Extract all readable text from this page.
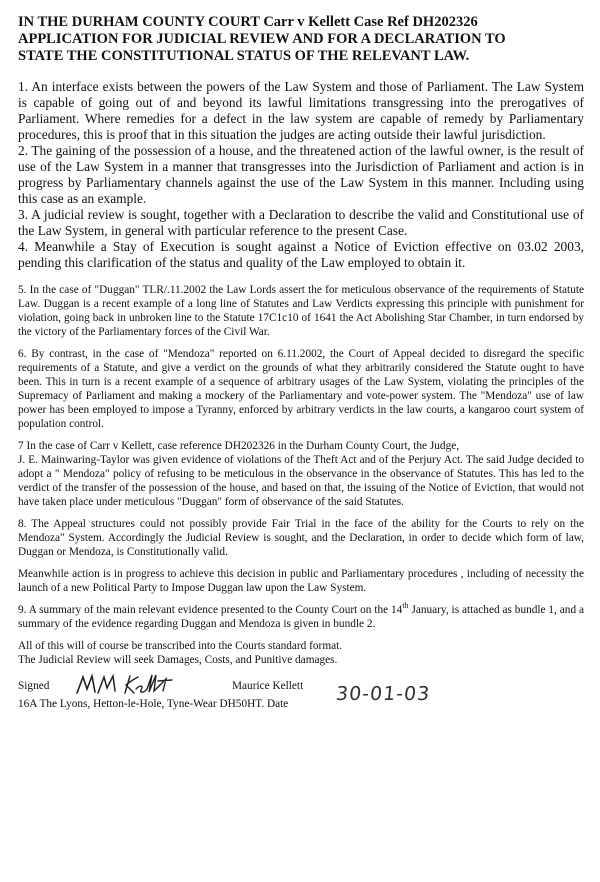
IN THE DURHAM COUNTY COURT Carr v Kellett Case Ref DH202326
APPLICATION FOR JUDICIAL REVIEW AND FOR A DECLARATION TO
STATE THE CONSTITUTIONAL STATUS OF THE RELEVANT LAW.

1. An interface exists between the powers of the Law System and those of Parliament. The Law System is capable of going out of and beyond its lawful limitations transgressing into the prerogatives of Parliament. Where remedies for a defect in the law system are capable of remedy by Parliamentary procedures, this is proof that in this situation the judges are acting outside their lawful jurisdiction.

2. The gaining of the possession of a house, and the threatened action of the lawful owner, is the result of use of the Law System in a manner that transgresses into the Jurisdiction of Parliament and action is in progress by Parliamentary channels against the use of the Law System in this manner. Including using this case as an example.

3. A judicial review is sought, together with a Declaration to describe the valid and Constitutional use of the Law System, in general with particular reference to the present Case.

4. Meanwhile a Stay of Execution is sought against a Notice of Eviction effective on 03.02 2003, pending this clarification of the status and quality of the Law employed to obtain it.

5. In the case of "Duggan" TLR/.11.2002 the Law Lords assert the for meticulous observance of the requirements of Statute Law. Duggan is a recent example of a long line of Statutes and Law Verdicts expressing this principle with punishment for violation, going back in unbroken line to the Statute 17C1c10 of 1641 the Act Abolishing Star Chamber, in turn endorsed by the victory of the Parliamentary forces of the Civil War.

6. By contrast, in the case of "Mendoza" reported on 6.11.2002, the Court of Appeal decided to disregard the specific requirements of a Statute, and give a verdict on the grounds of what they arbitrarily considered the Statute ought to have been. This in turn is a recent example of a sequence of arbitrary usages of the Law System, violating the principles of the Supremacy of Parliament and making a mockery of the Parliamentary and vote-power system. The "Mendoza" use of law power has been employed to impose a Tyranny, enforced by arbitrary verdicts in the law courts, a kangaroo court system of population control.

7 In the case of Carr v Kellett, case reference DH202326 in the Durham County Court, the Judge,
J. E. Mainwaring-Taylor was given evidence of violations of the Theft Act and of the Perjury Act. The said Judge decided to adopt a " Mendoza" policy of refusing to be meticulous in the observance in the observance of Statutes. This has led to the verdict of the transfer of the possession of the house, and based on that, the issuing of the Notice of Eviction, that would not have taken place under meticulous "Duggan" form of observance of the said Statutes.

8. The Appeal structures could not possibly provide Fair Trial in the face of the ability for the Courts to rely on the Mendoza" System. Accordingly the Judicial Review is sought, and the Declaration, in order to decide which form of law, Duggan or Mendoza, is Constitutionally valid.

Meanwhile action is in progress to achieve this decision in public and Parliamentary procedures , including of necessity the launch of a new Political Party to Impose Duggan law upon the Law System.

9. A summary of the main relevant evidence presented to the County Court on the 14th January, is attached as bundle 1, and a summary of the evidence regarding Duggan and Mendoza is given in bundle 2.

All of this will of course be transcribed into the Courts standard format.
The Judicial Review will seek Damages, Costs, and Punitive damages.

Signed	Maurice Kellett
16A The Lyons, Hetton-le-Hole, Tyne-Wear DH50HT. Date 30-01-03
